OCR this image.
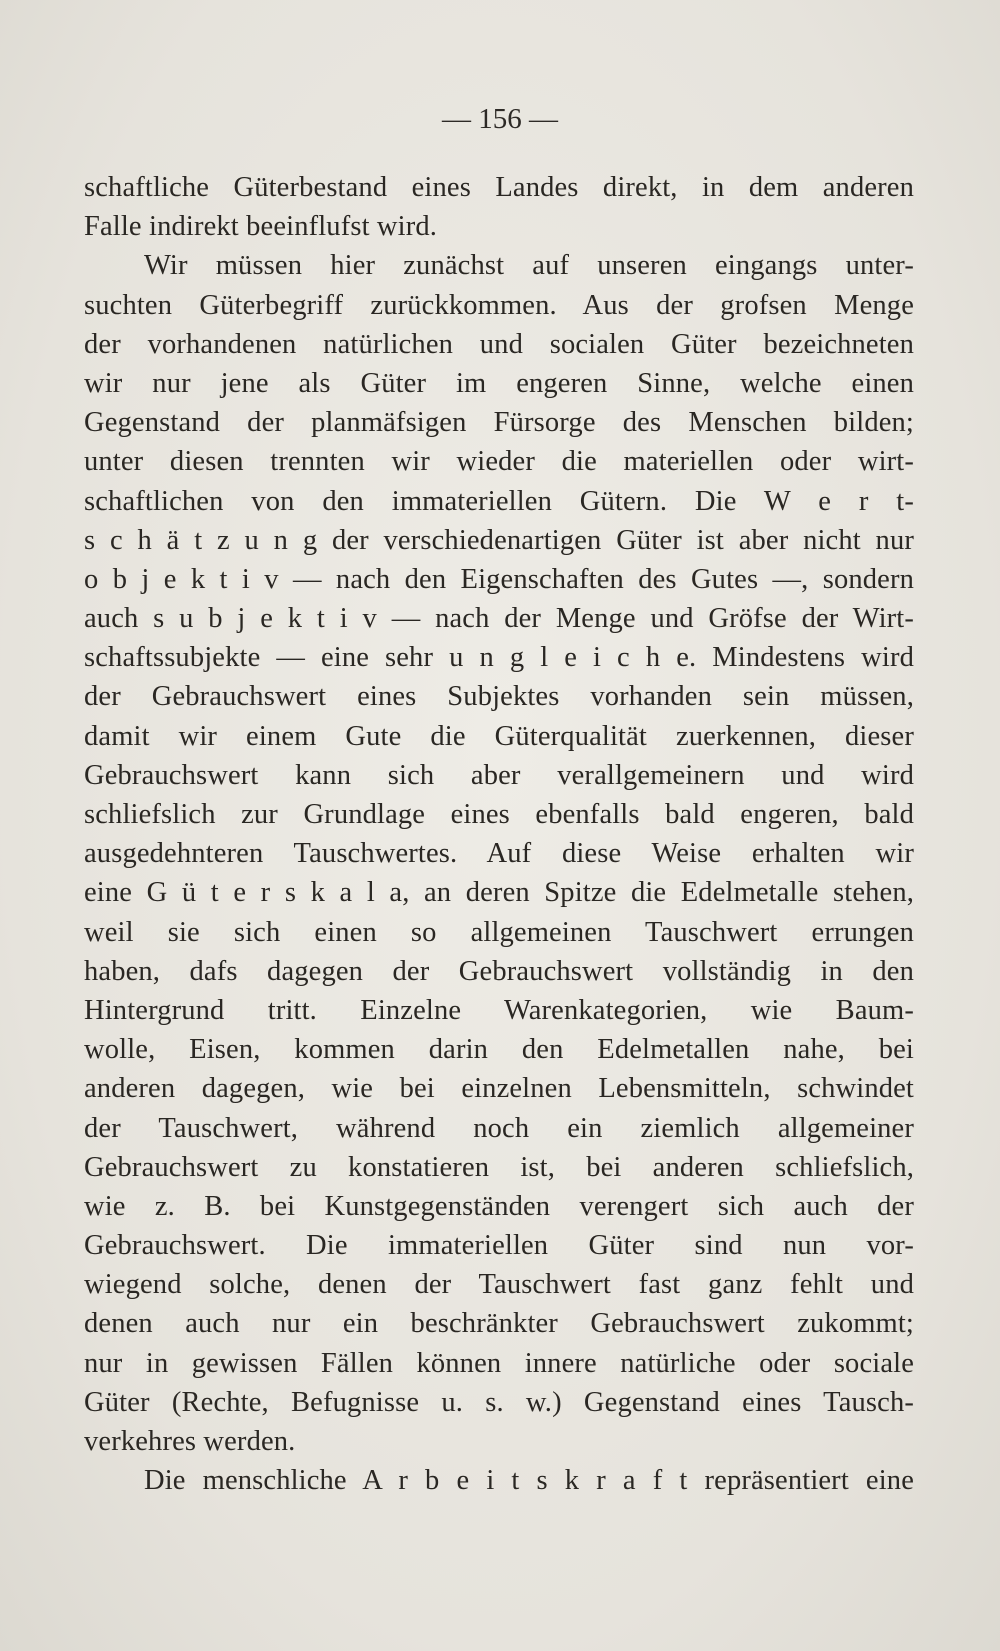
— 156 —
schaftliche Güterbestand eines Landes direkt, in dem anderen
Falle indirekt beeinflufst wird.
Wir müssen hier zunächst auf unseren eingangs unter-
suchten Güterbegriff zurückkommen. Aus der grofsen Menge
der vorhandenen natürlichen und socialen Güter bezeichneten
wir nur jene als Güter im engeren Sinne, welche einen
Gegenstand der planmäfsigen Fürsorge des Menschen bilden;
unter diesen trennten wir wieder die materiellen oder wirt-
schaftlichen von den immateriellen Gütern. Die W e r t-
s c h ä t z u n g der verschiedenartigen Güter ist aber nicht nur
o b j e k t i v — nach den Eigenschaften des Gutes —, sondern
auch s u b j e k t i v — nach der Menge und Gröfse der Wirt-
schaftssubjekte — eine sehr u n g l e i c h e. Mindestens wird
der Gebrauchswert eines Subjektes vorhanden sein müssen,
damit wir einem Gute die Güterqualität zuerkennen, dieser
Gebrauchswert kann sich aber verallgemeinern und wird
schliefslich zur Grundlage eines ebenfalls bald engeren, bald
ausgedehnteren Tauschwertes. Auf diese Weise erhalten wir
eine G ü t e r s k a l a, an deren Spitze die Edelmetalle stehen,
weil sie sich einen so allgemeinen Tauschwert errungen
haben, dafs dagegen der Gebrauchswert vollständig in den
Hintergrund tritt. Einzelne Warenkategorien, wie Baum-
wolle, Eisen, kommen darin den Edelmetallen nahe, bei
anderen dagegen, wie bei einzelnen Lebensmitteln, schwindet
der Tauschwert, während noch ein ziemlich allgemeiner
Gebrauchswert zu konstatieren ist, bei anderen schliefslich,
wie z. B. bei Kunstgegenständen verengert sich auch der
Gebrauchswert. Die immateriellen Güter sind nun vor-
wiegend solche, denen der Tauschwert fast ganz fehlt und
denen auch nur ein beschränkter Gebrauchswert zukommt;
nur in gewissen Fällen können innere natürliche oder sociale
Güter (Rechte, Befugnisse u. s. w.) Gegenstand eines Tausch-
verkehres werden.
Die menschliche A r b e i t s k r a f t repräsentiert eine
